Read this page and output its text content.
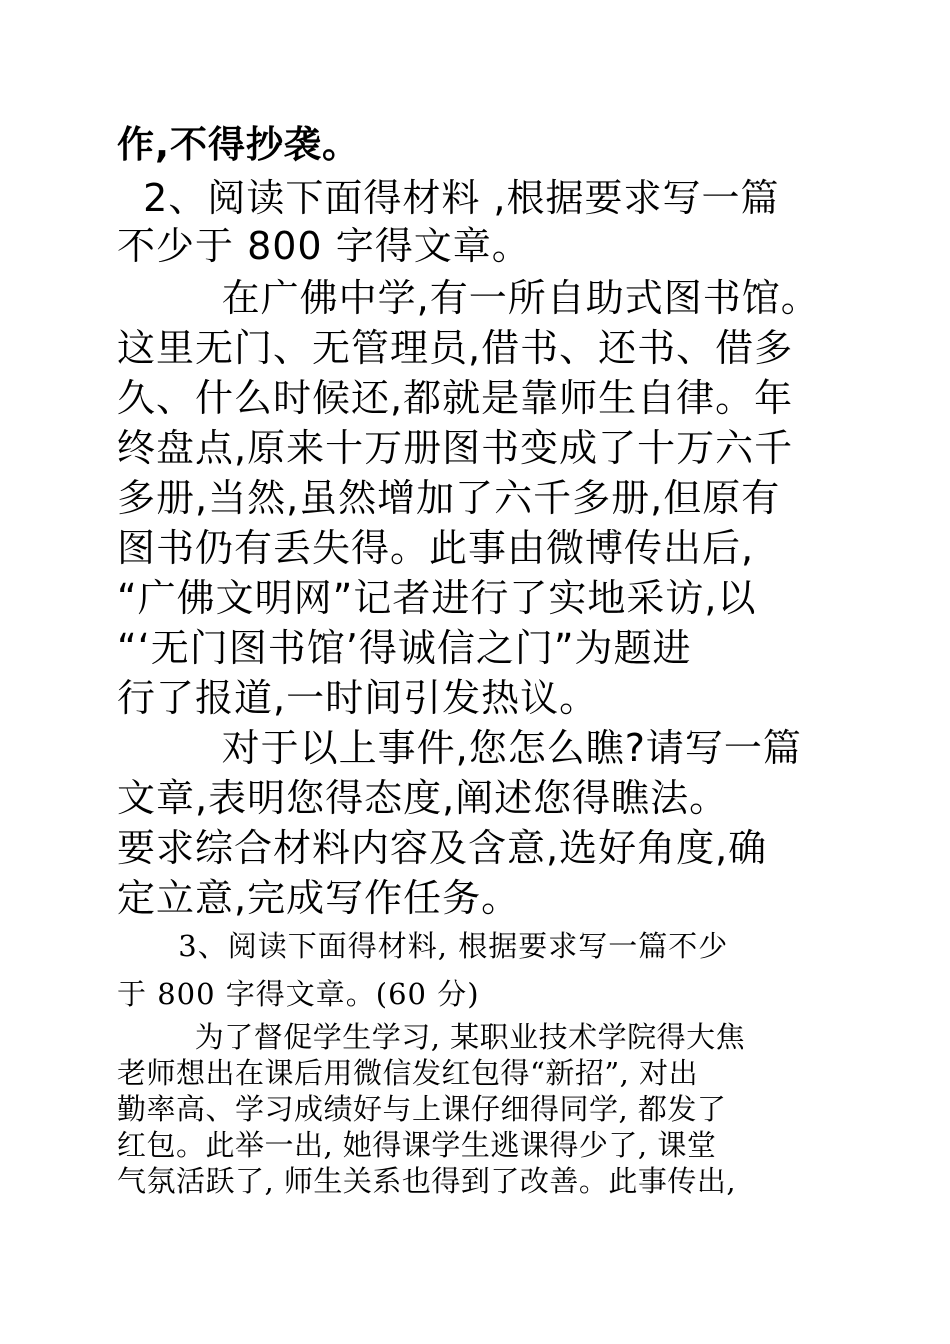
作,不得抄袭。
2、阅读下面得材料 ,根据要求写一篇
不少于 800 字得文章。
在广佛中学,有一所自助式图书馆。
这里无门、无管理员,借书、还书、借多
久、什么时候还,都就是靠师生自律。年
终盘点,原来十万册图书变成了十万六千
多册,当然,虽然增加了六千多册,但原有
图书仍有丢失得。此事由微博传出后,
“广佛文明网”记者进行了实地采访,以
“‘无门图书馆’得诚信之门”为题进
行了报道,一时间引发热议。
对于以上事件,您怎么瞧?请写一篇
文章,表明您得态度,阐述您得瞧法。
要求综合材料内容及含意,选好角度,确
定立意,完成写作任务。
3、阅读下面得材料, 根据要求写一篇不少
于 800 字得文章。(60 分)
为了督促学生学习, 某职业技术学院得大焦
老师想出在课后用微信发红包得“新招”, 对出
勤率高、学习成绩好与上课仔细得同学, 都发了
红包。此举一出, 她得课学生逃课得少了, 课堂
气氛活跃了, 师生关系也得到了改善。此事传出,
